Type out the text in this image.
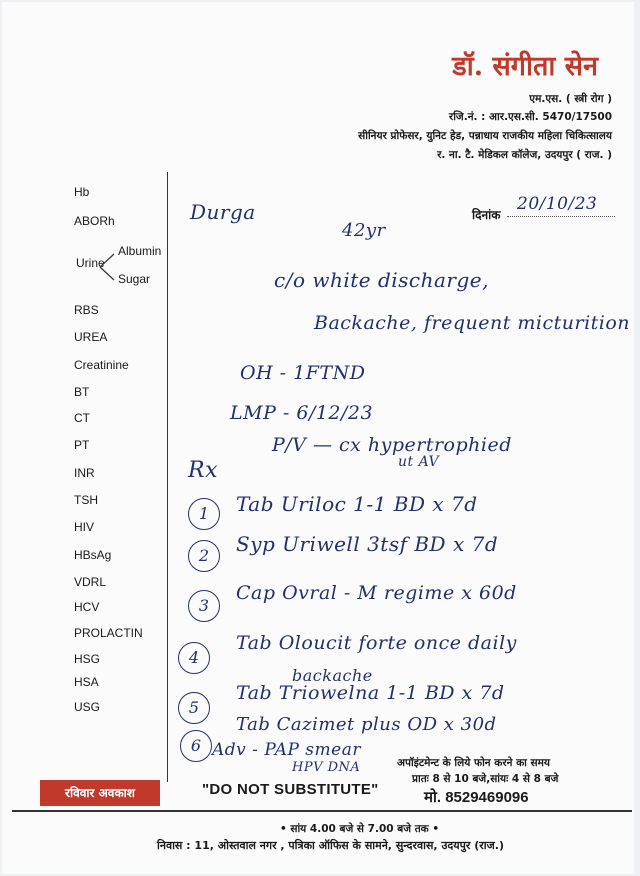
डॉ. संगीता सेन
एम.एस. ( स्त्री रोग )
रजि.नं. : आर.एस.सी. 5470/17500
सीनियर प्रोफेसर, युनिट हेड, पन्नाधाय राजकीय महिला चिकित्सालय
र. ना. टै. मेडिकल कॉलेज, उदयपुर ( राज. )
Hb
ABORh
Urine
Albumin
Sugar
RBS
UREA
Creatinine
BT
CT
PT
INR
TSH
HIV
HBsAg
VDRL
HCV
PROLACTIN
HSG
HSA
USG
दिनांक
20/10/23
Durga
42yr
c/o white discharge,
Backache, frequent micturition
OH - 1FTND
LMP - 6/12/23
P/V — cx hypertrophied
ut AV
Rx
1	Tab Uriloc 1-1 BD x 7d
2	Syp Uriwell 3tsf BD x 7d
3
Cap Ovral - M regime x 60d
4
Tab Oloucit forte once daily
backache
5
Tab Triowelna 1-1 BD x 7d
6
Tab Cazimet plus OD x 30d
Adv - PAP smear
HPV DNA
रविवार अवकाश	"DO NOT SUBSTITUTE"
अपॉइंटमेन्ट के लिये फोन करने का समय
प्रातः 8 से 10 बजे,सांयः 4 से 8 बजे
मो. 8529469096
• सांय 4.00 बजे से 7.00 बजे तक •
निवास : 11, ओस्तवाल नगर , पत्रिका ऑफिस के सामने, सुन्दरवास, उदयपुर (राज.)
